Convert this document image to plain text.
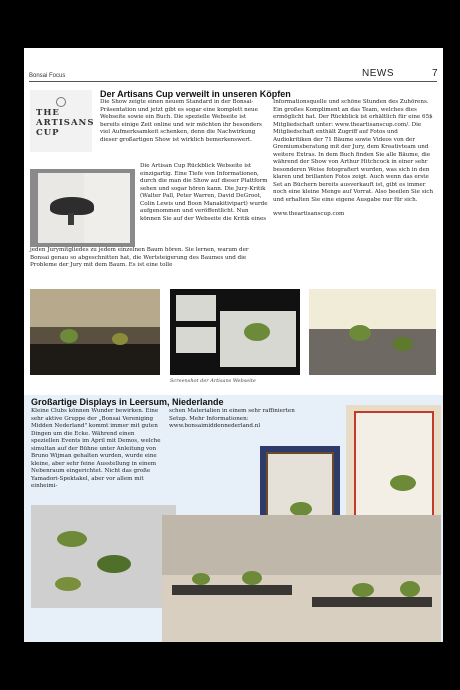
Bonsai Focus	NEWS	7
Der Artisans Cup verweilt in unseren Köpfen
THE
ARTISANS
CUP

Die Show zeigte einen neuem Standard in der Bonsai-Präsentation und jetzt gibt es sogar eine komplett neue Webseite sowie ein Buch. Die spezielle Webseite ist bereits einige Zeit online und wir möchten ihr besonders viel Aufmerksamkeit schenken, denn die Nachwirkung dieser großartigen Show ist wirklich bemerkenswert.

Die Artisan Cup Rückblick Webseite ist einzigartig. Eine Tiefe von Informationen, durch die man die Show auf dieser Plattform sehen und sogar hören kann. Die Jury-Kritik (Walter Pall, Peter Warren, David DeGroot, Colin Lewis und Boon Manakitivipart) wurde aufgenommen und veröffentlicht. Nun können Sie auf der Webseite die Kritik eines

jeden Jurymitgliedes zu jedem einzelnen Baum hören. Sie lernen, warum der Bonsai genau so abgeschnitten hat, die Wertsteigerung des Baumes und die Probleme der Jury mit dem Baum. Es ist eine tolle

Informationsquelle und schöne Stunden des Zuhörens. Ein großes Kompliment an das Team, welches dies ermöglicht hat. Der Rückblick ist erhältlich für eine 65$ Mitgliedschaft unter: www.theartisanscup.com/. Die Mitgliedschaft enthält Zugriff auf Fotos und Audiokritiken der 71 Bäume sowie Videos von der Gremiumsberatung mit der Jury, dem Kreativteam und weitere Extras. In dem Buch finden Sie alle Bäume, die während der Show von Arthur Hitchcock in einer sehr besonderen Weise fotografiert wurden, was sich in den klaren und brillanten Fotos zeigt. Auch wenn das erste Set an Büchern bereits ausverkauft ist, gibt es immer noch eine kleine Menge auf Vorrat. Also beeilen Sie sich und erhalten Sie eine eigene Ausgabe nur für sich.

www.theartisanscup.com

Screenshot der Artisans Webseite
Großartige Displays in Leersum, Niederlande

Kleine Clubs können Wunder bewirken. Eine sehr aktive Gruppe der „Bonsai Vereniging Midden Nederland" kommt immer mit guten Dingen um die Ecke. Während einen speziellen Events im April mit Demos, welche simultan auf der Bühne unter Anleitung von Bruno Wijman gehalten wurden, wurde eine kleine, aber sehr feine Ausstellung in einem Nebenraum eingerichtet. Nicht das große Yamadori-Spektakel, aber vor allem mit einheimi-

schen Materialien in einem sehr raffinierten Setup. Mehr Informationen: www.bonsaimiddennederland.nl
